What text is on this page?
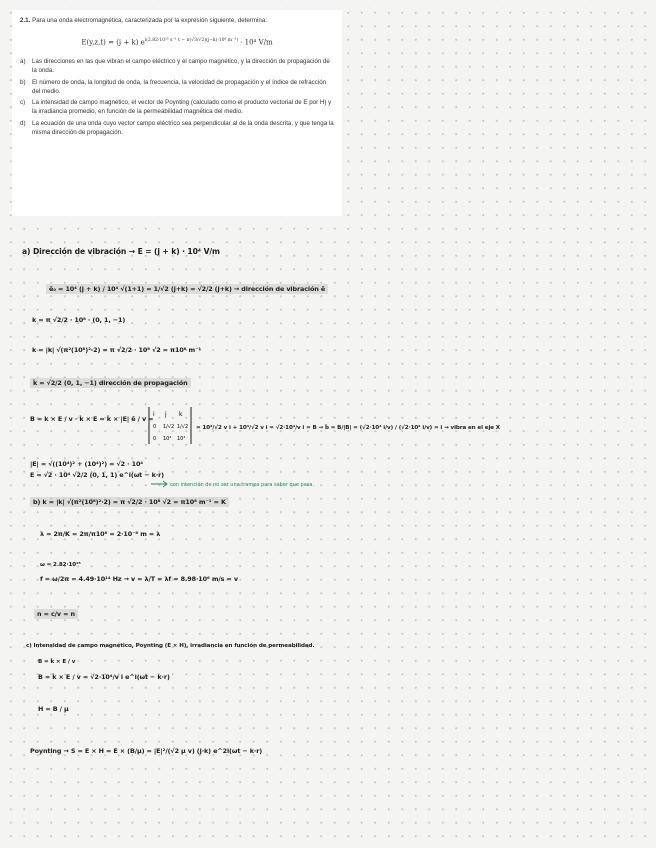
2.1. Para una onda electromagnética, caracterizada por la expresión siguiente, determina:
E(y,z,t) = (j + k) $e^{i(2.82\cdot 10^{15} s^{-1} t - \pi(√3/√2)(j-k)\cdot 10^8 m^{-1})} \cdot 10^4$ V/m
a)	Las direcciones en las que vibran el campo eléctrico y el campo magnético, y la dirección de propagación de la onda.
b)	El número de onda, la longitud de onda, la frecuencia, la velocidad de propagación y el índice de refracción del medio.
c)	La intensidad de campo magnético, el vector de Poynting (calculado como el producto vectorial de E por H) y la irradiancia promedio, en función de la permeabilidad magnética del medio.
d)	La ecuación de una onda cuyo vector campo eléctrico sea perpendicular al de la onda descrita, y que tenga la misma dirección de propagación.
a) Dirección de vibración → E = (j + k) · 10⁴ V/m
ê₀ = 10⁴ (j + k) / 10⁴ √(1+1) = 1/√2 (j+k) = √2/2 (j+k) → dirección de vibración ê
k = π √2/2 · 10⁸ · (0, 1, −1)
k = |k| √(π²(10⁸)²·2) = π √2/2 · 10⁸ √2 = π10⁸ m⁻¹
k̂ = √2/2 (0, 1, −1) dirección de propagación
B = k × E / v · k̂ × E = k̂ × |E| ê / v =
i j k
0 1/√2 1/√2
0 10⁴ 10⁴
= 10⁴/√2 v i + 10⁴/√2 v i = √2·10⁴/v i = B → b̂ = B/|B| = (√2·10⁴ i/v) / (√2·10⁴ i/v) = i → vibra en el eje X
|E| = √((10⁴)² + (10⁴)²) = √2 · 10⁴
E = √2 · 10⁴ √2/2 (0, 1, 1) e^i(ωt − k·r)
con intención de no ser una trampa para saber que pasa.
b) k = |k| √(π²(10⁸)²·2) = π √2/2 · 10⁸ √2 = π10⁸ m⁻¹ = K
λ = 2π/K = 2π/π10⁸ = 2·10⁻⁸ m = λ
ω = 2.82·10¹⁵
f = ω/2π = 4.49·10¹⁴ Hz → v = λ/T = λf = 8.98·10⁶ m/s = v
n = c/v = n
c) Intensidad de campo magnético, Poynting (E × H), irradiancia en función de permeabilidad.
B = k̂ × E / v
B = k̂ × E / v = √2·10⁴/v i e^i(ωt − k·r)
H = B / μ
Poynting → S = E × H = E × (B/μ) = |E|²/(√2 μ v) (j·k) e^2i(ωt − k·r)
